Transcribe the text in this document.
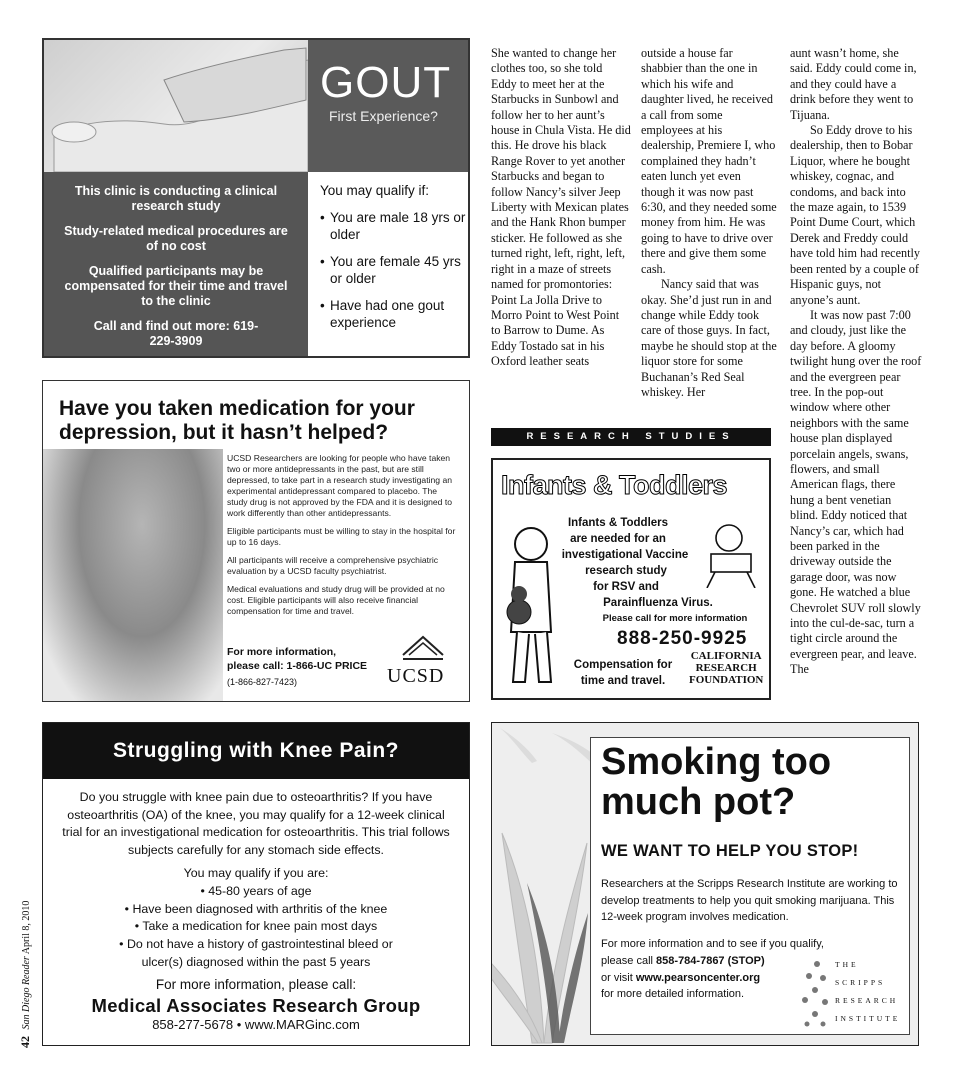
GOUT
First Experience?

This clinic is conducting a clinical research study

Study-related medical procedures are of no cost

Qualified participants may be compensated for their time and travel to the clinic

Call and find out more: 619-229-3909

You may qualify if:
• You are male 18 yrs or older
• You are female 45 yrs or older
• Have had one gout experience
Have you taken medication for your depression, but it hasn’t helped?

UCSD Researchers are looking for people who have taken two or more antidepressants in the past, but are still depressed, to take part in a research study investigating an experimental antidepressant compared to placebo. The study drug is not approved by the FDA and it is designed to work differently than other antidepressants.

Eligible participants must be willing to stay in the hospital for up to 16 days.

All participants will receive a comprehensive psychiatric evaluation by a UCSD faculty psychiatrist.

Medical evaluations and study drug will be provided at no cost. Eligible participants will also receive financial compensation for time and travel.

For more information,
please call: 1-866-UC PRICE
(1-866-827-7423)	UCSD

She wanted to change her clothes too, so she told Eddy to meet her at the Starbucks in Sunbowl and follow her to her aunt’s house in Chula Vista. He did this. He drove his black Range Rover to yet another Starbucks and began to follow Nancy’s silver Jeep Liberty with Mexican plates and the Hank Rhon bumper sticker. He followed as she turned right, left, right, left, right in a maze of streets named for promontories: Point La Jolla Drive to Morro Point to West Point to Barrow to Dume. As Eddy Tostado sat in his Oxford leather seats

outside a house far shabbier than the one in which his wife and daughter lived, he received a call from some employees at his dealership, Premiere I, who complained they hadn’t eaten lunch yet even though it was now past 6:30, and they needed some money from him. He was going to have to drive over there and give them some cash.

Nancy said that was okay. She’d just run in and change while Eddy took care of those guys. In fact, maybe he should stop at the liquor store for some Buchanan’s Red Seal whiskey. Her

aunt wasn’t home, she said. Eddy could come in, and they could have a drink before they went to Tijuana.

So Eddy drove to his dealership, then to Bobar Liquor, where he bought whiskey, cognac, and condoms, and back into the maze again, to 1539 Point Dume Court, which Derek and Freddy could have told him had recently been rented by a couple of Hispanic guys, not anyone’s aunt.

It was now past 7:00 and cloudy, just like the day before. A gloomy twilight hung over the roof and the evergreen pear tree. In the pop-out window where other neighbors with the same house plan displayed porcelain angels, swans, flowers, and small American flags, there hung a bent venetian blind. Eddy noticed that Nancy’s car, which had been parked in the driveway outside the garage door, was now gone. He watched a blue Chevrolet SUV roll slowly into the cul-de-sac, turn a tight circle around the evergreen pear, and leave. The

RESEARCH STUDIES
Infants & Toddlers
Infants & Toddlers
are needed for an
investigational Vaccine
research study
for RSV and
Parainfluenza Virus.
Please call for more information
888-250-9925
Compensation for
time and travel.
CALIFORNIA
RESEARCH
FOUNDATION
Struggling with Knee Pain?
Do you struggle with knee pain due to osteoarthritis? If you have osteoarthritis (OA) of the knee, you may qualify for a 12-week clinical trial for an investigational medication for osteoarthritis. This trial follows subjects carefully for any stomach side effects.
You may qualify if you are:
• 45-80 years of age
• Have been diagnosed with arthritis of the knee
• Take a medication for knee pain most days
• Do not have a history of gastrointestinal bleed or
ulcer(s) diagnosed within the past 5 years
For more information, please call:
Medical Associates Research Group
858-277-5678 • www.MARGinc.com
Smoking too
much pot?
WE WANT TO HELP YOU STOP!
Researchers at the Scripps Research Institute are working to develop treatments to help you quit smoking marijuana. This 12-week program involves medication.
For more information and to see if you qualify,
please call 858-784-7867 (STOP)
or visit www.pearsoncenter.org
for more detailed information.
THE
SCRIPPS
RESEARCH
INSTITUTE
42 San Diego Reader April 8, 2010
